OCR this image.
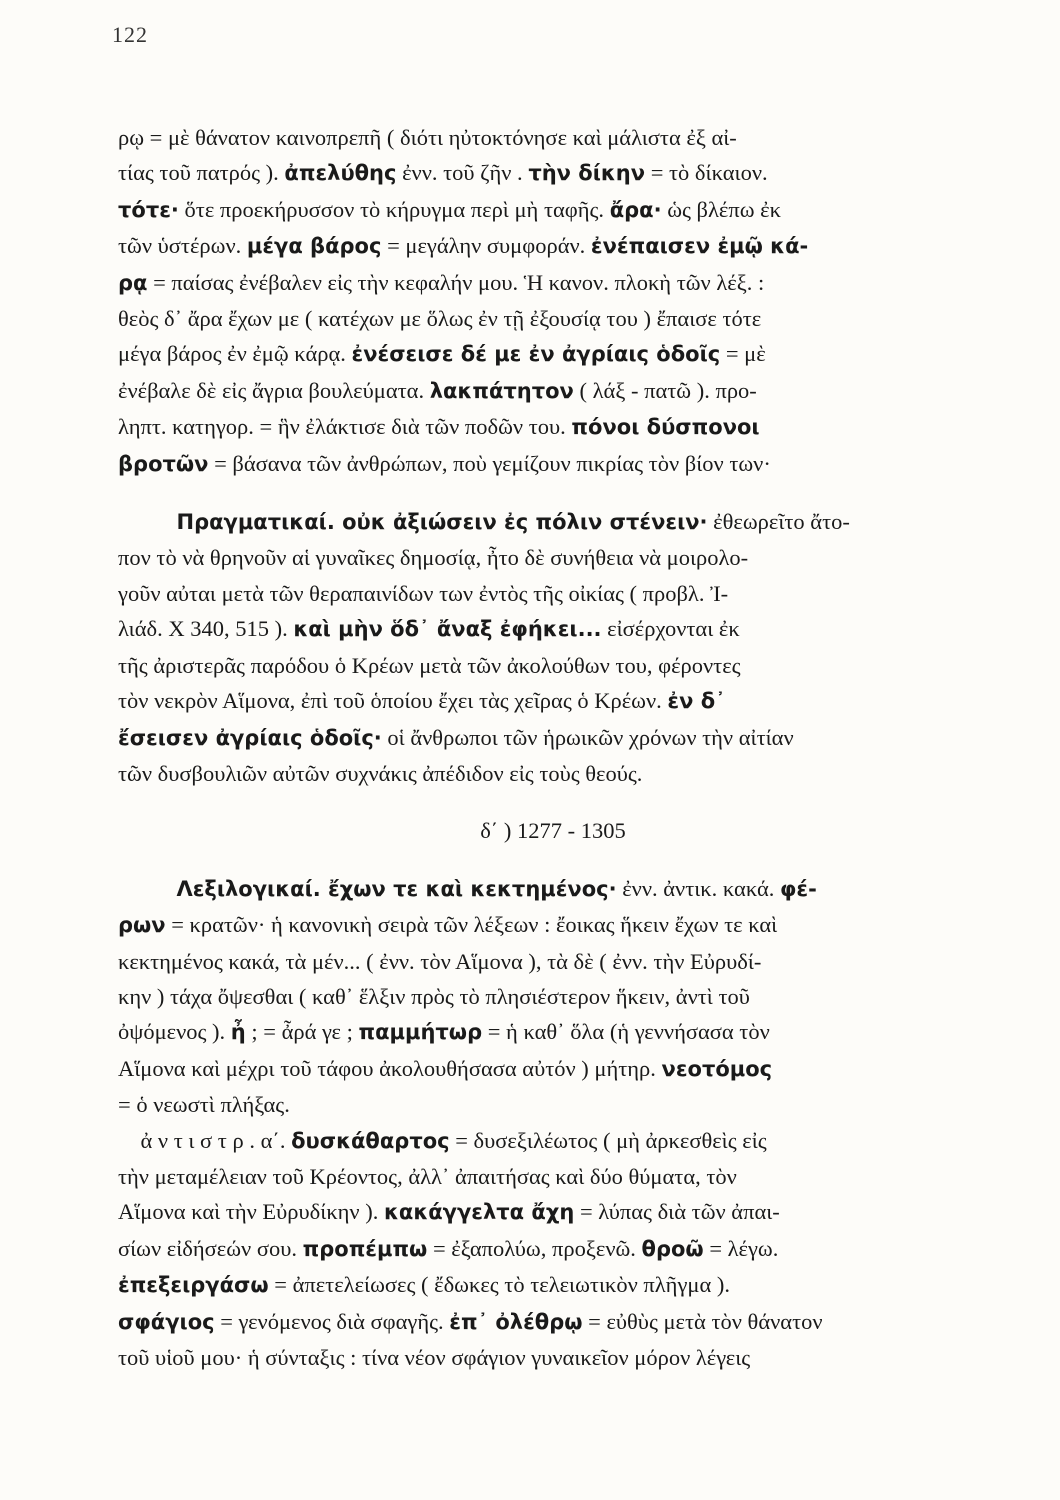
122
ρῳ = μὲ θάνατον καινοπρεπῆ ( διότι ηὐτοκτόνησε καὶ μάλιστα ἐξ αἰ-
τίας τοῦ πατρός ). ἀπελύθης ἐνν. τοῦ ζῆν . τὴν δίκην = τὸ δίκαιον.
τότε· ὅτε προεκήρυσσον τὸ κήρυγμα περὶ μὴ ταφῆς. ἄρα· ὡς βλέπω ἐκ
τῶν ὑστέρων. μέγα βάρος = μεγάλην συμφοράν. ἐνέπαισεν ἐμῷ κά-
ρᾳ = παίσας ἐνέβαλεν εἰς τὴν κεφαλήν μου. Ἡ κανον. πλοκὴ τῶν λέξ. :
θεὸς δ᾽ ἄρα ἔχων με ( κατέχων με ὅλως ἐν τῇ ἐξουσίᾳ του ) ἔπαισε τότε
μέγα βάρος ἐν ἐμῷ κάρᾳ. ἐνέσεισε δέ με ἐν ἀγρίαις ὁδοῖς = μὲ
ἐνέβαλε δὲ εἰς ἄγρια βουλεύματα. λακπάτητον ( λάξ - πατῶ ). προ-
ληπτ. κατηγορ. = ἣν ἐλάκτισε διὰ τῶν ποδῶν του. πόνοι δύσπονοι
βροτῶν = βάσανα τῶν ἀνθρώπων, ποὺ γεμίζουν πικρίας τὸν βίον των·
Πραγματικαί. οὐκ ἀξιώσειν ἐς πόλιν στένειν· ἐθεωρεῖτο ἄτο-
πον τὸ νὰ θρηνοῦν αἱ γυναῖκες δημοσίᾳ, ἦτο δὲ συνήθεια νὰ μοιρολο-
γοῦν αὐται μετὰ τῶν θεραπαινίδων των ἐντὸς τῆς οἰκίας ( προβλ. Ἰ-
λιάδ. Χ 340, 515 ). καὶ μὴν ὅδ᾽ ἄναξ ἐφήκει... εἰσέρχονται ἐκ
τῆς ἀριστερᾶς παρόδου ὁ Κρέων μετὰ τῶν ἀκολούθων του, φέροντες
τὸν νεκρὸν Αἵμονα, ἐπὶ τοῦ ὁποίου ἔχει τὰς χεῖρας ὁ Κρέων. ἐν δ᾽
ἔσεισεν ἀγρίαις ὁδοῖς· οἱ ἄνθρωποι τῶν ἡρωικῶν χρόνων τὴν αἰτίαν
τῶν δυσβουλιῶν αὐτῶν συχνάκις ἀπέδιδον εἰς τοὺς θεούς.
δ΄ ) 1277 - 1305
Λεξιλογικαί. ἔχων τε καὶ κεκτημένος· ἐνν. ἀντικ. κακά. φέ-
ρων = κρατῶν· ἡ κανονικὴ σειρὰ τῶν λέξεων : ἔοικας ἥκειν ἔχων τε καὶ
κεκτημένος κακά, τὰ μέν... ( ἐνν. τὸν Αἵμονα ), τὰ δὲ ( ἐνν. τὴν Εὐρυδί-
κην ) τάχα ὄψεσθαι ( καθ᾽ ἕλξιν πρὸς τὸ πλησιέστερον ἥκειν, ἀντὶ τοῦ
ὀψόμενος ). ἦ ; = ἆρά γε ; παμμήτωρ = ἡ καθ᾽ ὅλα (ἡ γεννήσασα τὸν
Αἵμονα καὶ μέχρι τοῦ τάφου ἀκολουθήσασα αὐτόν ) μήτηρ. νεοτόμος
= ὁ νεωστὶ πλήξας.
ἀ ν τ ι σ τ ρ . α΄. δυσκάθαρτος = δυσεξιλέωτος ( μὴ ἀρκεσθεὶς εἰς
τὴν μεταμέλειαν τοῦ Κρέοντος, ἀλλ᾽ ἀπαιτήσας καὶ δύο θύματα, τὸν
Αἵμονα καὶ τὴν Εὐρυδίκην ). κακάγγελτα ἄχη = λύπας διὰ τῶν ἀπαι-
σίων εἰδήσεών σου. προπέμπω = ἐξαπολύω, προξενῶ. θροῶ = λέγω.
ἐπεξειργάσω = ἀπετελείωσες ( ἔδωκες τὸ τελειωτικὸν πλῆγμα ).
σφάγιος = γενόμενος διὰ σφαγῆς. ἐπ᾽ ὀλέθρῳ = εὐθὺς μετὰ τὸν θάνατον
τοῦ υἱοῦ μου· ἡ σύνταξις : τίνα νέον σφάγιον γυναικεῖον μόρον λέγεις
